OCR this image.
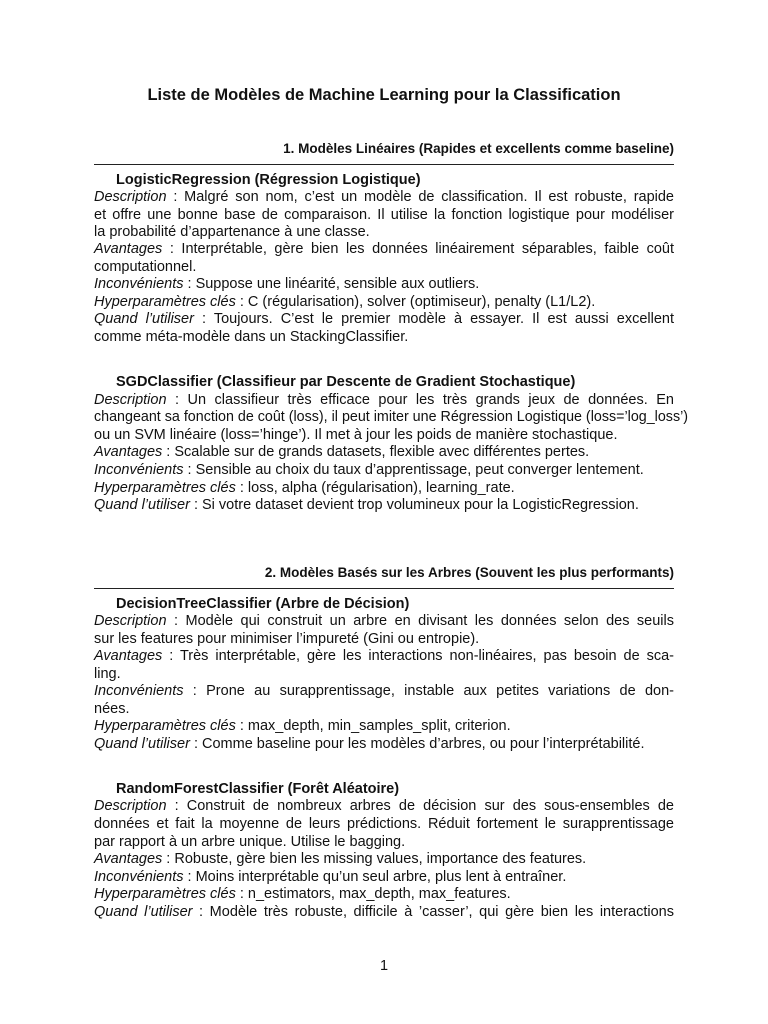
Liste de Modèles de Machine Learning pour la Classification
1. Modèles Linéaires (Rapides et excellents comme baseline)
LogisticRegression (Régression Logistique)
Description : Malgré son nom, c’est un modèle de classification. Il est robuste, rapide
et offre une bonne base de comparaison. Il utilise la fonction logistique pour modéliser
la probabilité d’appartenance à une classe.
Avantages : Interprétable, gère bien les données linéairement séparables, faible coût
computationnel.
Inconvénients : Suppose une linéarité, sensible aux outliers.
Hyperparamètres clés : C (régularisation), solver (optimiseur), penalty (L1/L2).
Quand l’utiliser : Toujours. C’est le premier modèle à essayer. Il est aussi excellent
comme méta-modèle dans un StackingClassifier.
SGDClassifier (Classifieur par Descente de Gradient Stochastique)
Description : Un classifieur très efficace pour les très grands jeux de données. En
changeant sa fonction de coût (loss), il peut imiter une Régression Logistique (loss=’log_loss’)
ou un SVM linéaire (loss=’hinge’). Il met à jour les poids de manière stochastique.
Avantages : Scalable sur de grands datasets, flexible avec différentes pertes.
Inconvénients : Sensible au choix du taux d’apprentissage, peut converger lentement.
Hyperparamètres clés : loss, alpha (régularisation), learning_rate.
Quand l’utiliser : Si votre dataset devient trop volumineux pour la LogisticRegression.
2. Modèles Basés sur les Arbres (Souvent les plus performants)
DecisionTreeClassifier (Arbre de Décision)
Description : Modèle qui construit un arbre en divisant les données selon des seuils
sur les features pour minimiser l’impureté (Gini ou entropie).
Avantages : Très interprétable, gère les interactions non-linéaires, pas besoin de sca-
ling.
Inconvénients : Prone au surapprentissage, instable aux petites variations de don-
nées.
Hyperparamètres clés : max_depth, min_samples_split, criterion.
Quand l’utiliser : Comme baseline pour les modèles d’arbres, ou pour l’interprétabilité.
RandomForestClassifier (Forêt Aléatoire)
Description : Construit de nombreux arbres de décision sur des sous-ensembles de
données et fait la moyenne de leurs prédictions. Réduit fortement le surapprentissage
par rapport à un arbre unique. Utilise le bagging.
Avantages : Robuste, gère bien les missing values, importance des features.
Inconvénients : Moins interprétable qu’un seul arbre, plus lent à entraîner.
Hyperparamètres clés : n_estimators, max_depth, max_features.
Quand l’utiliser : Modèle très robuste, difficile à ’casser’, qui gère bien les interactions
1
